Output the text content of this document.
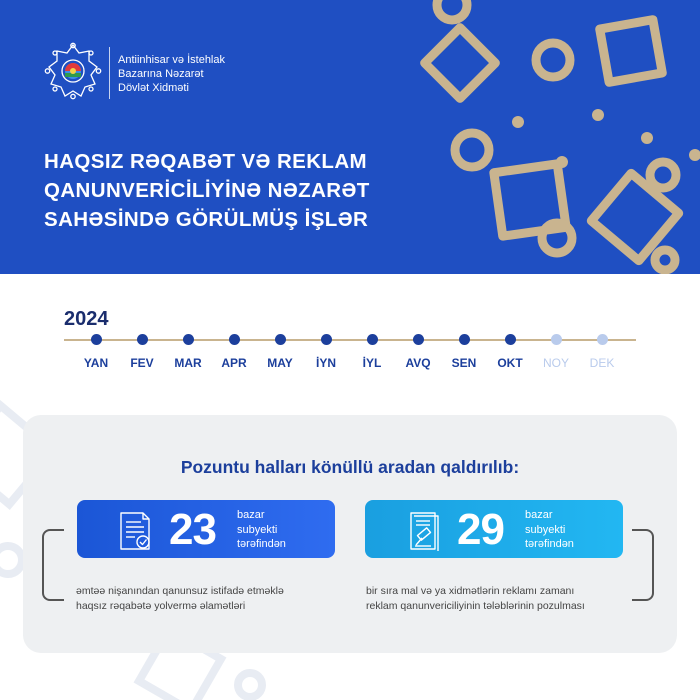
Antiinhisar və İstehlak
Bazarına Nəzarət
Dövlət Xidməti
HAQSIZ RƏQABƏT VƏ REKLAM
QANUNVERİCİLİYİNƏ NƏZARƏT
SAHƏSİNDƏ GÖRÜLMÜŞ İŞLƏR
2024
YAN	FEV	MAR	APR	MAY	İYN	İYL	AVQ	SEN	OKT	NOY	DEK
Pozuntu halları könüllü aradan qaldırılıb:
23 bazar
subyekti
tərəfindən	29 bazar
subyekti
tərəfindən
əmtəə nişanından qanunsuz istifadə etməklə
haqsız rəqabətə yolvermə əlamətləri
bir sıra mal və ya xidmətlərin reklamı zamanı
reklam qanunvericiliyinin tələblərinin pozulması
